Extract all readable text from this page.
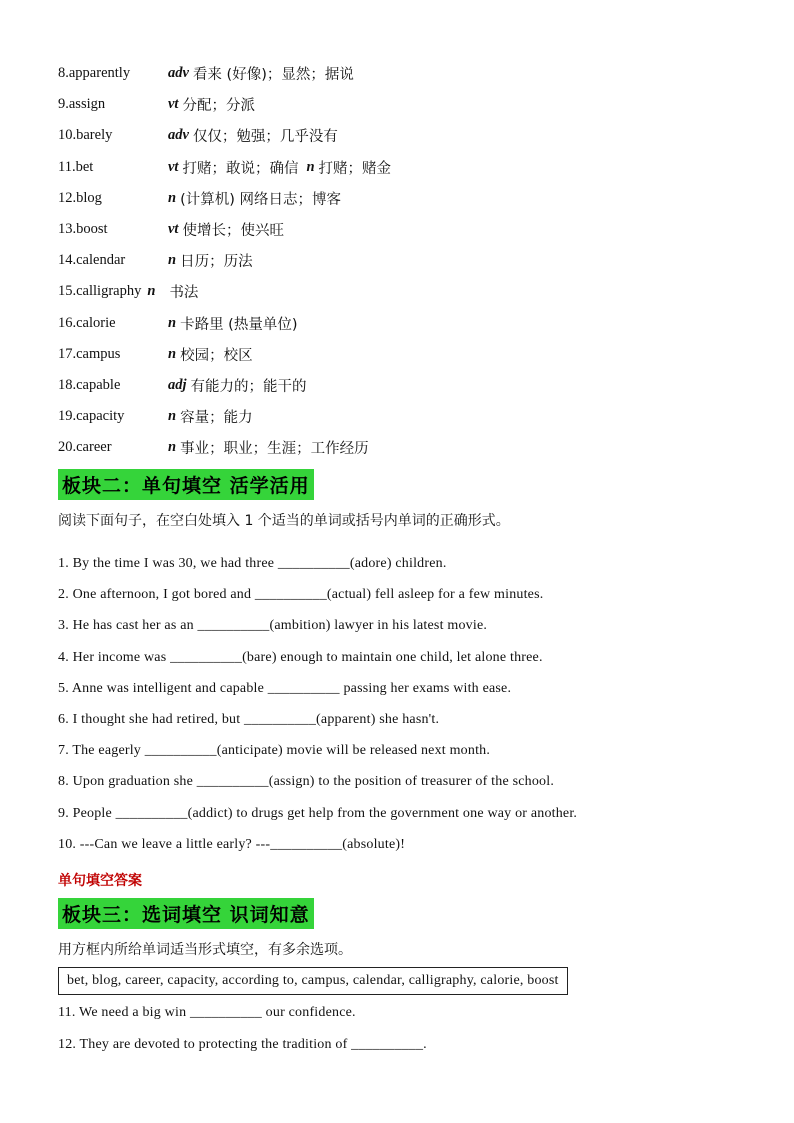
8.apparently	adv 看来 (好像)；显然；据说
9.assign	vt 分配；分派
10.barely	adv 仅仅；勉强；几乎没有
11.bet	vt 打赌；敢说；确信 n 打赌；赌金
12.blog	n (计算机) 网络日志；博客
13.boost	vt 使增长；使兴旺
14.calendar	n 日历；历法
15.calligraphy n 书法
16.calorie	n 卡路里 (热量单位)
17.campus	n 校园；校区
18.capable	adj 有能力的；能干的
19.capacity	n 容量；能力
20.career	n 事业；职业；生涯；工作经历
板块二：单句填空 活学活用
阅读下面句子，在空白处填入 1 个适当的单词或括号内单词的正确形式。
1. By the time I was 30, we had three __________(adore) children.
2. One afternoon, I got bored and __________(actual) fell asleep for a few minutes.
3. He has cast her as an __________(ambition) lawyer in his latest movie.
4. Her income was __________(bare) enough to maintain one child, let alone three.
5. Anne was intelligent and capable __________ passing her exams with ease.
6. I thought she had retired, but __________(apparent) she hasn't.
7. The eagerly __________(anticipate) movie will be released next month.
8. Upon graduation she __________(assign) to the position of treasurer of the school.
9. People __________(addict) to drugs get help from the government one way or another.
10. ---Can we leave a little early? ---__________(absolute)!
单句填空答案
板块三：选词填空 识词知意
用方框内所给单词适当形式填空，有多余选项。
bet, blog, career, capacity, according to, campus, calendar, calligraphy, calorie, boost
11. We need a big win __________ our confidence.
12. They are devoted to protecting the tradition of __________.
